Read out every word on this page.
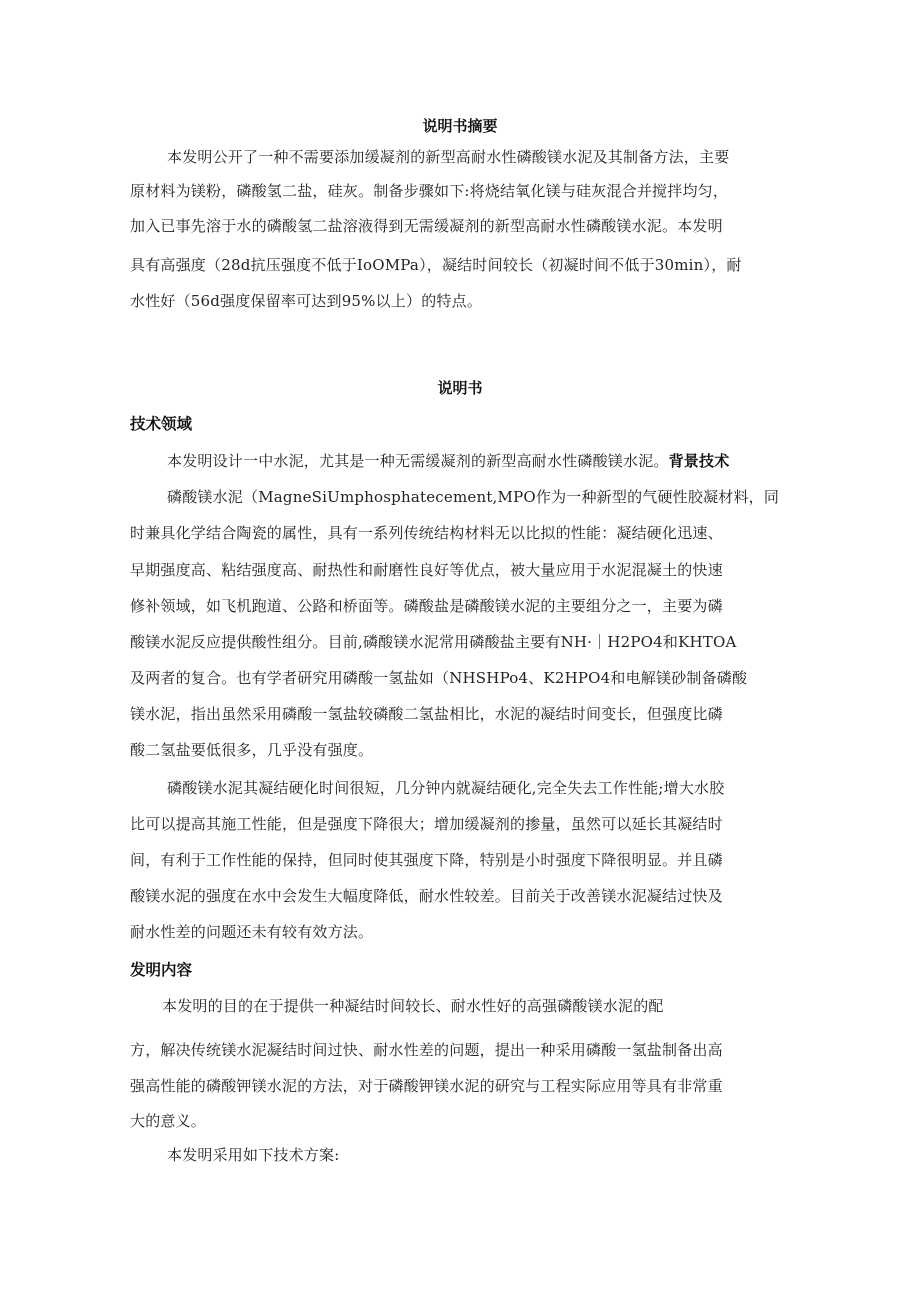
说明书摘要
本发明公开了一种不需要添加缓凝剂的新型高耐水性磷酸镁水泥及其制备方法，主要
原材料为镁粉，磷酸氢二盐，硅灰。制备步骤如下:将烧结氧化镁与硅灰混合并搅拌均匀，
加入已事先溶于水的磷酸氢二盐溶液得到无需缓凝剂的新型高耐水性磷酸镁水泥。本发明
具有高强度（28d抗压强度不低于IoOMPa），凝结时间较长（初凝时间不低于30min），耐
水性好（56d强度保留率可达到95%以上）的特点。
说明书
技术领域
本发明设计一中水泥，尤其是一种无需缓凝剂的新型高耐水性磷酸镁水泥。背景技术
磷酸镁水泥（MagneSiUmphosphatecement,MPO作为一种新型的气硬性胶凝材料，同
时兼具化学结合陶瓷的属性，具有一系列传统结构材料无以比拟的性能：凝结硬化迅速、
早期强度高、粘结强度高、耐热性和耐磨性良好等优点，被大量应用于水泥混凝土的快速
修补领域，如飞机跑道、公路和桥面等。磷酸盐是磷酸镁水泥的主要组分之一，主要为磷
酸镁水泥反应提供酸性组分。目前,磷酸镁水泥常用磷酸盐主要有NH·｜H2PO4和KHTOA
及两者的复合。也有学者研究用磷酸一氢盐如（NHSHPo4、K2HPO4和电解镁砂制备磷酸
镁水泥，指出虽然采用磷酸一氢盐较磷酸二氢盐相比，水泥的凝结时间变长，但强度比磷
酸二氢盐要低很多，几乎没有强度。
磷酸镁水泥其凝结硬化时间很短，几分钟内就凝结硬化,完全失去工作性能;增大水胶
比可以提高其施工性能，但是强度下降很大；增加缓凝剂的掺量，虽然可以延长其凝结时
间，有利于工作性能的保持，但同时使其强度下降，特别是小时强度下降很明显。并且磷
酸镁水泥的强度在水中会发生大幅度降低，耐水性较差。目前关于改善镁水泥凝结过快及
耐水性差的问题还未有较有效方法。
发明内容
本发明的目的在于提供一种凝结时间较长、耐水性好的高强磷酸镁水泥的配
方，解决传统镁水泥凝结时间过快、耐水性差的问题，提出一种采用磷酸一氢盐制备出高
强高性能的磷酸钾镁水泥的方法，对于磷酸钾镁水泥的研究与工程实际应用等具有非常重
大的意义。
本发明采用如下技术方案:
